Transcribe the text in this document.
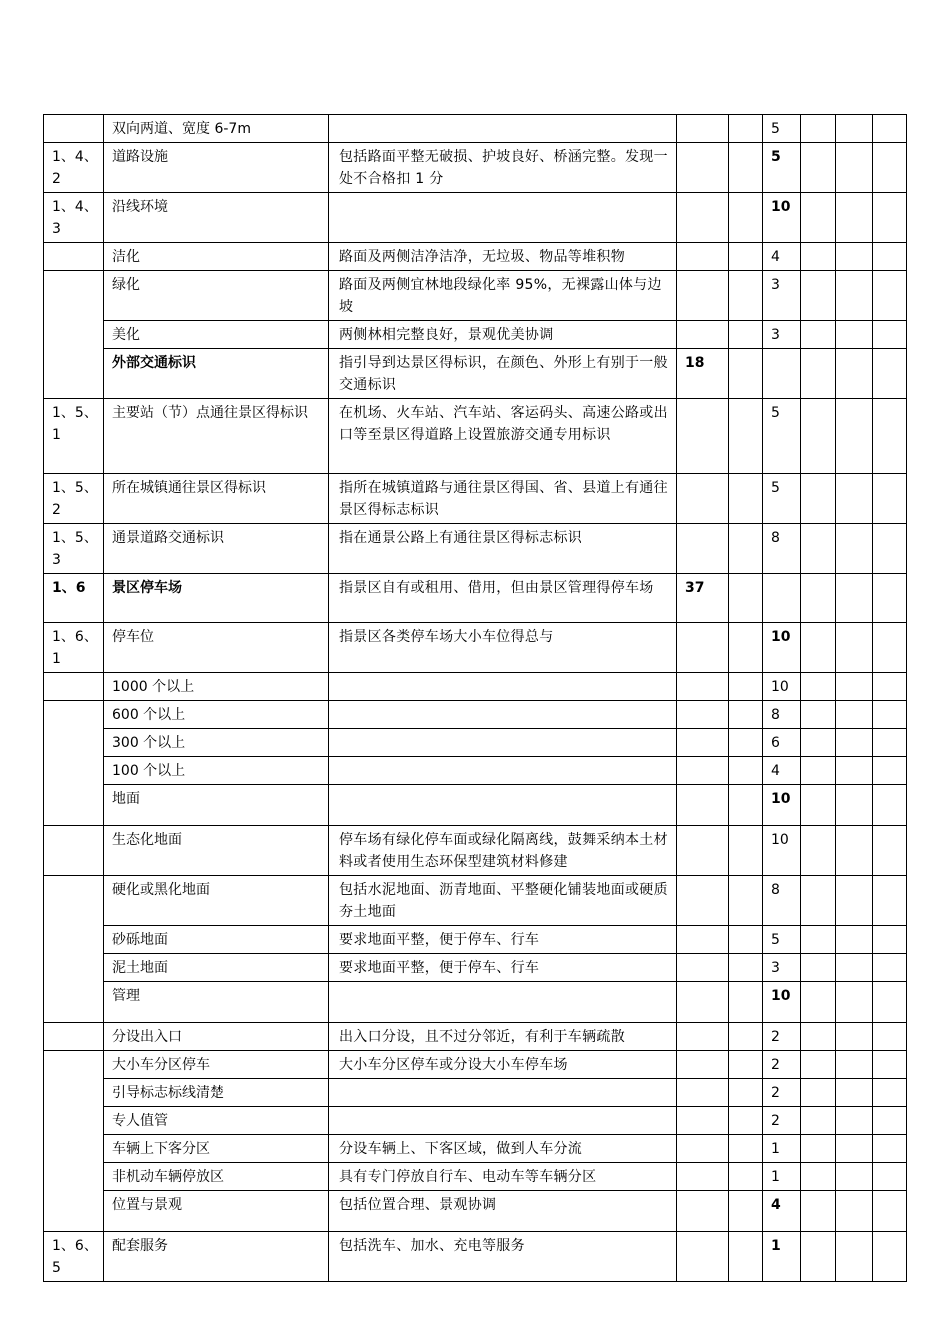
	双向两道、宽度 6-7m				5			
1、4、2	道路设施	包括路面平整无破损、护坡良好、桥涵完整。发现一处不合格扣 1 分			5			
1、4、3	沿线环境				10			
	洁化	路面及两侧洁净洁净，无垃圾、物品等堆积物			4			
	绿化	路面及两侧宜林地段绿化率 95%，无裸露山体与边坡			3			
	美化	两侧林相完整良好，景观优美协调			3			
	外部交通标识	指引导到达景区得标识，在颜色、外形上有别于一般交通标识	18					
1、5、1	主要站（节）点通往景区得标识	在机场、火车站、汽车站、客运码头、高速公路或出口等至景区得道路上设置旅游交通专用标识			5			
1、5、2	所在城镇通往景区得标识	指所在城镇道路与通往景区得国、省、县道上有通往景区得标志标识			5			
1、5、3	通景道路交通标识	指在通景公路上有通往景区得标志标识			8			
1、6	景区停车场	指景区自有或租用、借用，但由景区管理得停车场	37					
1、6、1	停车位	指景区各类停车场大小车位得总与			10			
	1000 个以上				10			
	600 个以上				8			
	300 个以上				6			
	100 个以上				4			
	地面				10			
	生态化地面	停车场有绿化停车面或绿化隔离线，鼓舞采纳本土材料或者使用生态环保型建筑材料修建			10			
	硬化或黑化地面	包括水泥地面、沥青地面、平整硬化铺装地面或硬质夯土地面			8			
	砂砾地面	要求地面平整，便于停车、行车			5			
	泥土地面	要求地面平整，便于停车、行车			3			
	管理				10			
	分设出入口	出入口分设，且不过分邻近，有利于车辆疏散			2			
	大小车分区停车	大小车分区停车或分设大小车停车场			2			
	引导标志标线清楚				2			
	专人值管				2			
	车辆上下客分区	分设车辆上、下客区域，做到人车分流			1			
	非机动车辆停放区	具有专门停放自行车、电动车等车辆分区			1			
	位置与景观	包括位置合理、景观协调			4			
1、6、5	配套服务	包括洗车、加水、充电等服务			1			
